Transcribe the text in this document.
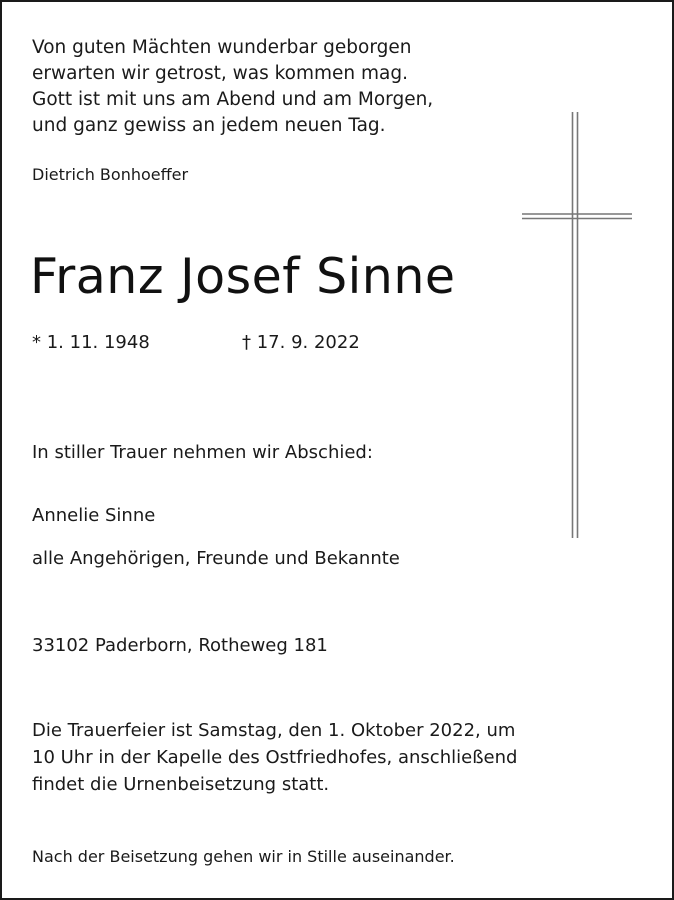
Von guten Mächten wunderbar geborgen
erwarten wir getrost, was kommen mag.
Gott ist mit uns am Abend und am Morgen,
und ganz gewiss an jedem neuen Tag.
Dietrich Bonhoeffer
Franz Josef Sinne
* 1. 11. 1948	† 17. 9. 2022
In stiller Trauer nehmen wir Abschied:
Annelie Sinne
alle Angehörigen, Freunde und Bekannte
33102 Paderborn, Rotheweg 181
Die Trauerfeier ist Samstag, den 1. Oktober 2022, um
10 Uhr in der Kapelle des Ostfriedhofes, anschließend
findet die Urnenbeisetzung statt.
Nach der Beisetzung gehen wir in Stille auseinander.
